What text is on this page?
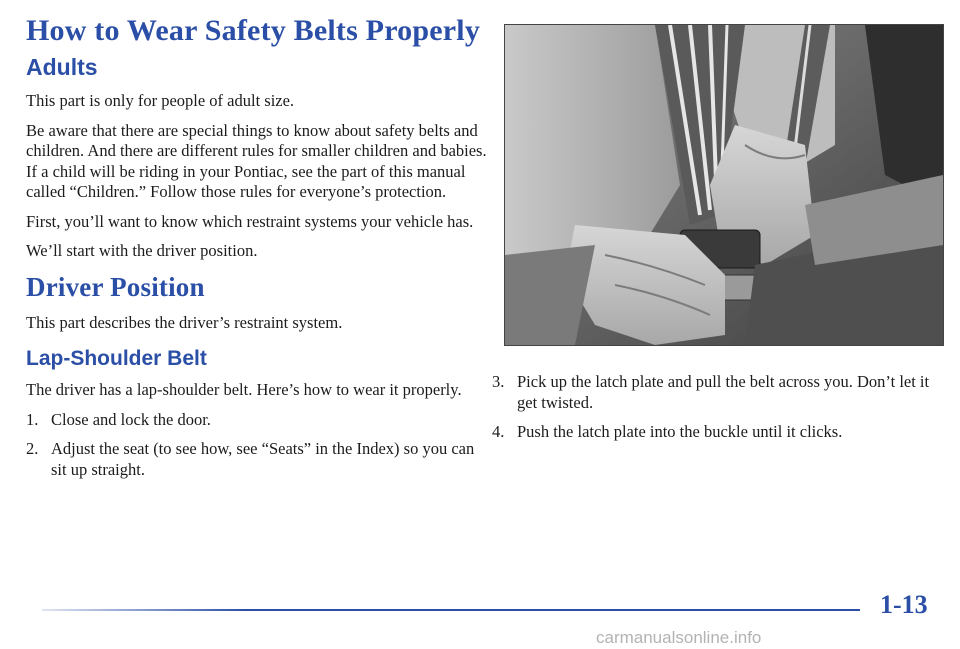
How to Wear Safety Belts Properly
Adults

This part is only for people of adult size.

Be aware that there are special things to know about safety belts and children. And there are different rules for smaller children and babies. If a child will be riding in your Pontiac, see the part of this manual called “Children.” Follow those rules for everyone’s protection.

First, you’ll want to know which restraint systems your vehicle has.

We’ll start with the driver position.

Driver Position

This part describes the driver’s restraint system.

Lap-Shoulder Belt

The driver has a lap-shoulder belt. Here’s how to wear it properly.

1. Close and lock the door.
2. Adjust the seat (to see how, see “Seats” in the Index) so you can sit up straight.
3. Pick up the latch plate and pull the belt across you. Don’t let it get twisted.
4. Push the latch plate into the buckle until it clicks.
1-13
carmanualsonline.info
